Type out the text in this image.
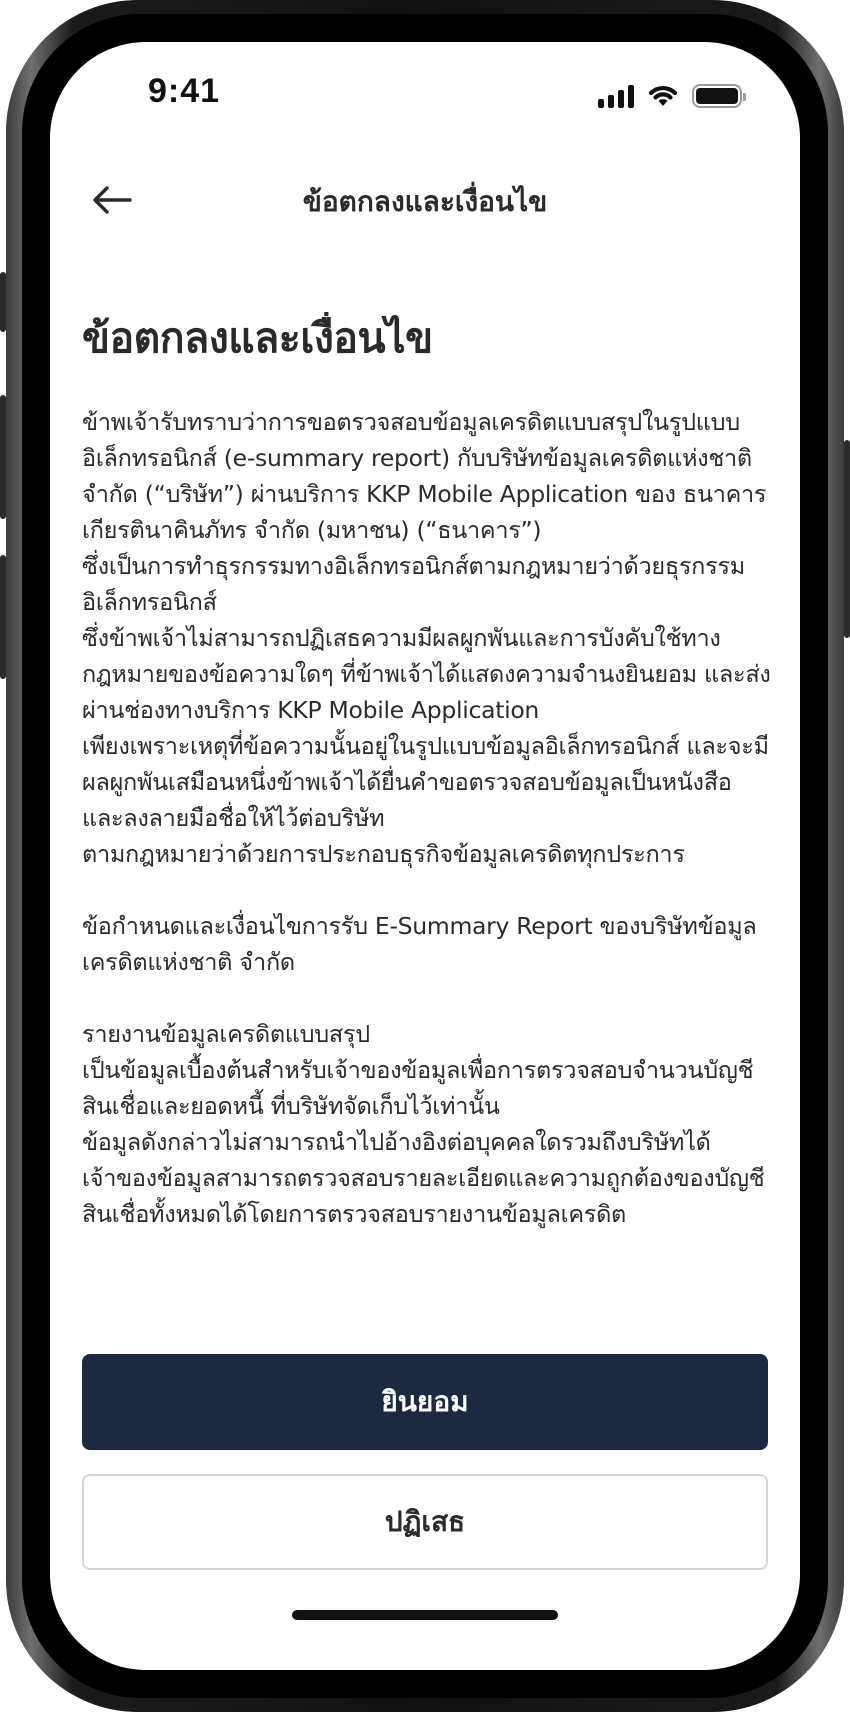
9:41
ข้อตกลงและเงื่อนไข
ข้อตกลงและเงื่อนไข

ข้าพเจ้ารับทราบว่าการขอตรวจสอบข้อมูลเครดิตแบบสรุปในรูปแบบอิเล็กทรอนิกส์ (e-summary report) กับบริษัทข้อมูลเครดิตแห่งชาติ จำกัด (“บริษัท”) ผ่านบริการ KKP Mobile Application ของ ธนาคารเกียรตินาคินภัทร จำกัด (มหาชน) (“ธนาคาร”)

ซึ่งเป็นการทำธุรกรรมทางอิเล็กทรอนิกส์ตามกฎหมายว่าด้วยธุรกรรมอิเล็กทรอนิกส์

ซึ่งข้าพเจ้าไม่สามารถปฏิเสธความมีผลผูกพันและการบังคับใช้ทางกฎหมายของข้อความใดๆ ที่ข้าพเจ้าได้แสดงความจำนงยินยอม และส่งผ่านช่องทางบริการ KKP Mobile Application

เพียงเพราะเหตุที่ข้อความนั้นอยู่ในรูปแบบข้อมูลอิเล็กทรอนิกส์ และจะมีผลผูกพันเสมือนหนึ่งข้าพเจ้าได้ยื่นคำขอตรวจสอบข้อมูลเป็นหนังสือ และลงลายมือชื่อให้ไว้ต่อบริษัท

ตามกฎหมายว่าด้วยการประกอบธุรกิจข้อมูลเครดิตทุกประการ

ข้อกำหนดและเงื่อนไขการรับ E-Summary Report ของบริษัทข้อมูลเครดิตแห่งชาติ จำกัด

รายงานข้อมูลเครดิตแบบสรุป

เป็นข้อมูลเบื้องต้นสำหรับเจ้าของข้อมูลเพื่อการตรวจสอบจำนวนบัญชีสินเชื่อและยอดหนี้ ที่บริษัทจัดเก็บไว้เท่านั้น

ข้อมูลดังกล่าวไม่สามารถนำไปอ้างอิงต่อบุคคลใดรวมถึงบริษัทได้

เจ้าของข้อมูลสามารถตรวจสอบรายละเอียดและความถูกต้องของบัญชีสินเชื่อทั้งหมดได้โดยการตรวจสอบรายงานข้อมูลเครดิต

ยินยอม
ปฏิเสธ
